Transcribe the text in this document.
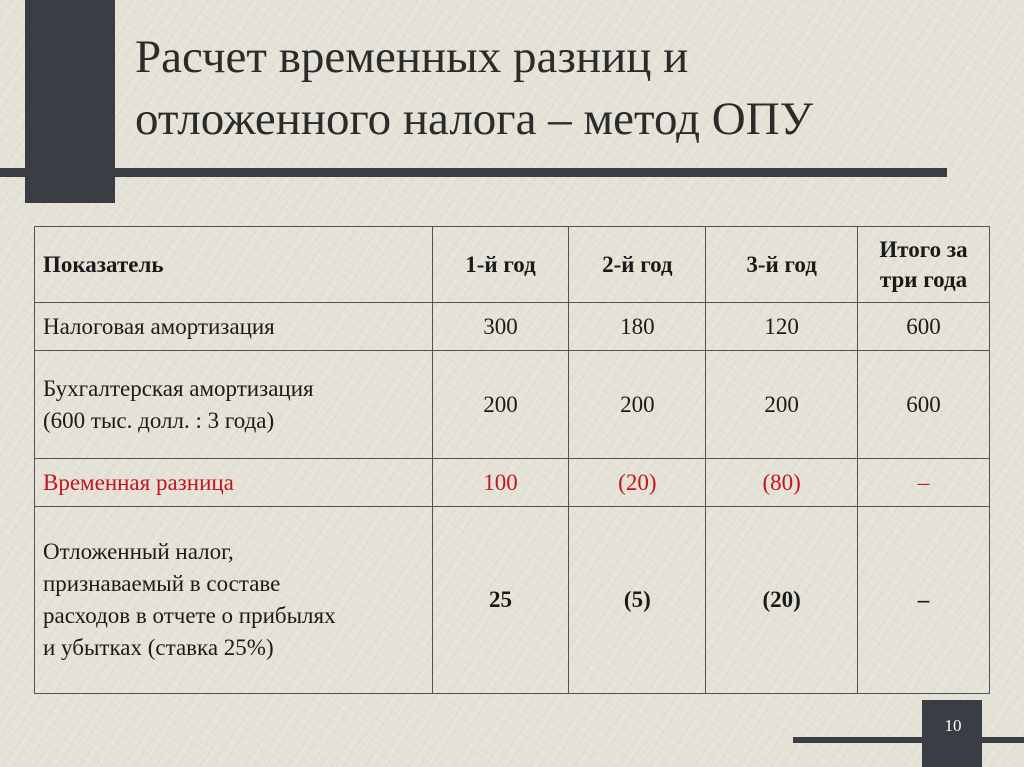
Расчет временных разниц и
отложенного налога – метод ОПУ
Показатель	1-й год	2-й год	3-й год	Итого за три года
Налоговая амортизация	300	180	120	600
Бухгалтерская амортизация
(600 тыс. долл. : 3 года)	200	200	200	600
Временная разница	100	(20)	(80)	–
Отложенный налог,
признаваемый в составе
расходов в отчете о прибылях
и убытках (ставка 25%)	25	(5)	(20)	–
10
